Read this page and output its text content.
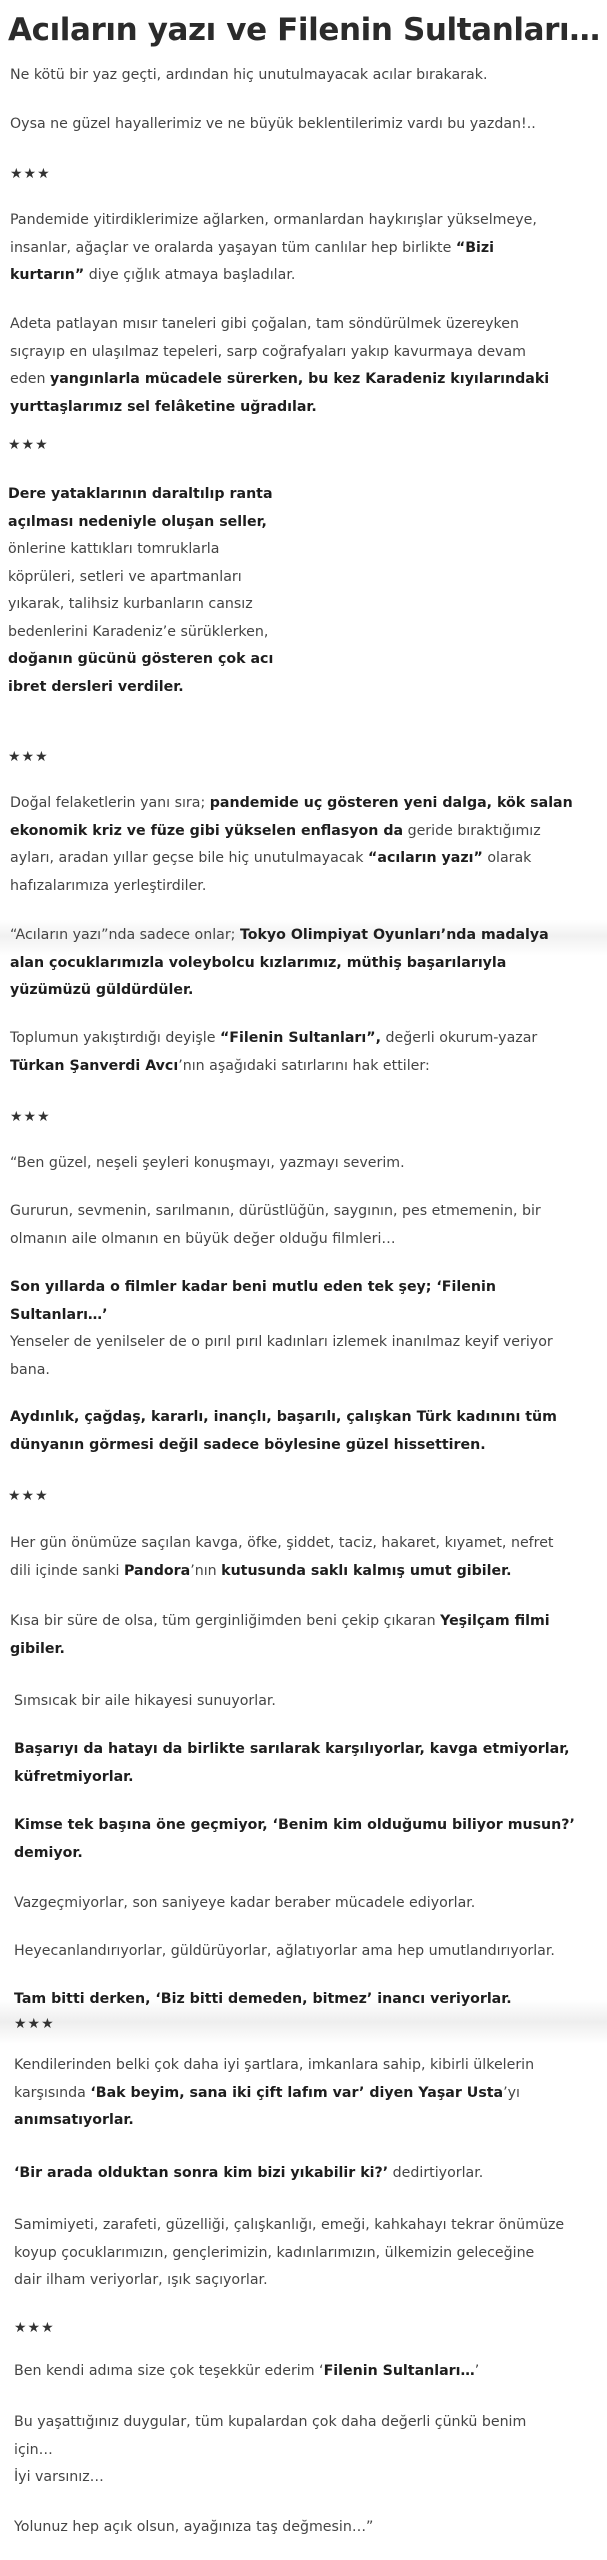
Acıların yazı ve Filenin Sultanları…

Ne kötü bir yaz geçti, ardından hiç unutulmayacak acılar bırakarak.

Oysa ne güzel hayallerimiz ve ne büyük beklentilerimiz vardı bu yazdan!..

★★★

Pandemide yitirdiklerimize ağlarken, ormanlardan haykırışlar yükselmeye,
insanlar, ağaçlar ve oralarda yaşayan tüm canlılar hep birlikte “Bizi
kurtarın” diye çığlık atmaya başladılar.

Adeta patlayan mısır taneleri gibi çoğalan, tam söndürülmek üzereyken
sıçrayıp en ulaşılmaz tepeleri, sarp coğrafyaları yakıp kavurmaya devam
eden yangınlarla mücadele sürerken, bu kez Karadeniz kıyılarındaki
yurttaşlarımız sel felâketine uğradılar.

★★★

Dere yataklarının daraltılıp ranta
açılması nedeniyle oluşan seller,
önlerine kattıkları tomruklarla
köprüleri, setleri ve apartmanları
yıkarak, talihsiz kurbanların cansız
bedenlerini Karadeniz’e sürüklerken,
doğanın gücünü gösteren çok acı
ibret dersleri verdiler.

★★★

Doğal felaketlerin yanı sıra; pandemide uç gösteren yeni dalga, kök salan
ekonomik kriz ve füze gibi yükselen enflasyon da geride bıraktığımız
ayları, aradan yıllar geçse bile hiç unutulmayacak “acıların yazı” olarak
hafızalarımıza yerleştirdiler.

“Acıların yazı”nda sadece onlar; Tokyo Olimpiyat Oyunları’nda madalya
alan çocuklarımızla voleybolcu kızlarımız, müthiş başarılarıyla
yüzümüzü güldürdüler.

Toplumun yakıştırdığı deyişle “Filenin Sultanları”, değerli okurum-yazar
Türkan Şanverdi Avcı’nın aşağıdaki satırlarını hak ettiler:

★★★

“Ben güzel, neşeli şeyleri konuşmayı, yazmayı severim.

Gururun, sevmenin, sarılmanın, dürüstlüğün, saygının, pes etmemenin, bir
olmanın aile olmanın en büyük değer olduğu filmleri…

Son yıllarda o filmler kadar beni mutlu eden tek şey; ‘Filenin
Sultanları…’
Yenseler de yenilseler de o pırıl pırıl kadınları izlemek inanılmaz keyif veriyor
bana.

Aydınlık, çağdaş, kararlı, inançlı, başarılı, çalışkan Türk kadınını tüm
dünyanın görmesi değil sadece böylesine güzel hissettiren.

★★★

Her gün önümüze saçılan kavga, öfke, şiddet, taciz, hakaret, kıyamet, nefret
dili içinde sanki Pandora’nın kutusunda saklı kalmış umut gibiler.

Kısa bir süre de olsa, tüm gerginliğimden beni çekip çıkaran Yeşilçam filmi
gibiler.

Sımsıcak bir aile hikayesi sunuyorlar.

Başarıyı da hatayı da birlikte sarılarak karşılıyorlar, kavga etmiyorlar,
küfretmiyorlar.

Kimse tek başına öne geçmiyor, ‘Benim kim olduğumu biliyor musun?’
demiyor.

Vazgeçmiyorlar, son saniyeye kadar beraber mücadele ediyorlar.

Heyecanlandırıyorlar, güldürüyorlar, ağlatıyorlar ama hep umutlandırıyorlar.

Tam bitti derken, ‘Biz bitti demeden, bitmez’ inancı veriyorlar.

★★★

Kendilerinden belki çok daha iyi şartlara, imkanlara sahip, kibirli ülkelerin
karşısında ‘Bak beyim, sana iki çift lafım var’ diyen Yaşar Usta’yı
anımsatıyorlar.

‘Bir arada olduktan sonra kim bizi yıkabilir ki?’ dedirtiyorlar.

Samimiyeti, zarafeti, güzelliği, çalışkanlığı, emeği, kahkahayı tekrar önümüze
koyup çocuklarımızın, gençlerimizin, kadınlarımızın, ülkemizin geleceğine
dair ilham veriyorlar, ışık saçıyorlar.

★★★

Ben kendi adıma size çok teşekkür ederim ‘Filenin Sultanları…’

Bu yaşattığınız duygular, tüm kupalardan çok daha değerli çünkü benim
için…
İyi varsınız…

Yolunuz hep açık olsun, ayağınıza taş değmesin…”
